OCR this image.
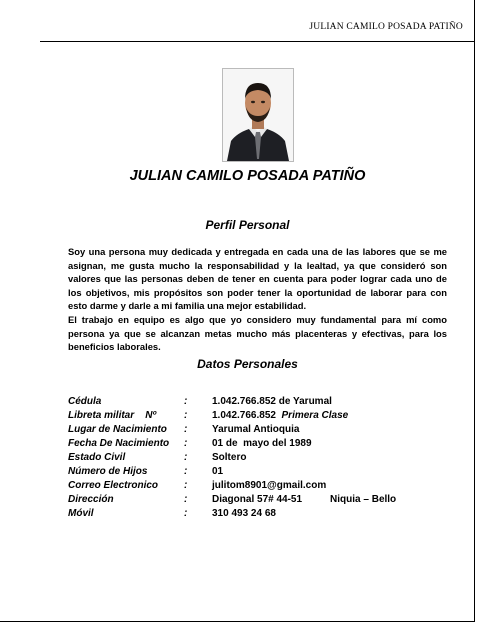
JULIAN CAMILO POSADA PATIÑO
JULIAN CAMILO POSADA PATIÑO
Perfil Personal

Soy una persona muy dedicada y entregada en cada una de las labores que se me asignan, me gusta mucho la responsabilidad y la lealtad, ya que consideró son valores que las personas deben de tener en cuenta para poder lograr cada uno de los objetivos, mis propósitos son poder tener la oportunidad de laborar para con esto darme y darle a mi familia una mejor estabilidad.

El trabajo en equipo es algo que yo considero muy fundamental para mí como persona ya que se alcanzan metas mucho más placenteras y efectivas, para los beneficios laborales.

Datos Personales
Cédula	:	1.042.766.852 de Yarumal
Libreta militar    Nº	:	1.042.766.852 Primera Clase
Lugar de Nacimiento	:	Yarumal Antioquia
Fecha De Nacimiento	:	01 de  mayo del 1989
Estado Civil	:	Soltero
Número de Hijos	:	01
Correo Electronico	:	julitom8901@gmail.com
Dirección	:	Diagonal 57# 44-51	Niquia – Bello
Móvil	:	310 493 24 68
